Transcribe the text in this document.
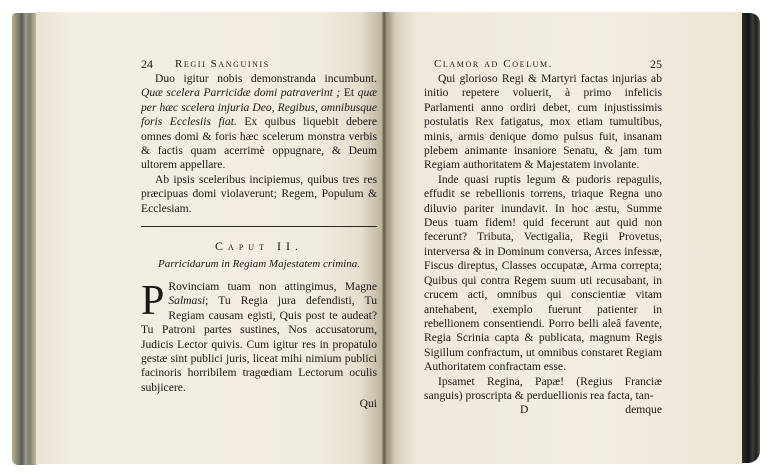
24 Regii Sanguinis

Duo igitur nobis demonstranda incumbunt. Quæ scelera Parricidæ domi patraverint ; Et quæ per hæc scelera injuria Deo, Regibus, omnibusque foris Ecclesiis fiat. Ex quibus liquebit debere omnes domi & foris hæc scelerum monstra verbis & factis quam acerrimè oppugnare, & Deum ultorem appellare.

Ab ipsis sceleribus incipiemus, quibus tres res præcipuas domi violaverunt; Regem, Populum & Ecclesiam.

Caput II.
Parricidarum in Regiam Majestatem crimina.

P Rovinciam tuam non attingimus, Magne Salmasi; Tu Regia jura defendisti, Tu Regiam causam egisti, Quis post te audeat? Tu Patroni partes sustines, Nos accusatorum, Judicis Lector quivis. Cum igitur res in propatulo gestæ sint publici juris, liceat mihi nimium publici facinoris horribilem tragœdiam Lectorum oculis subjicere.

Qui
Clamor ad Coelum.	25

Qui glorioso Regi & Martyri factas injurias ab initio repetere voluerit, à primo infelicis Parlamenti anno ordiri debet, cum injustissimis postulatis Rex fatigatus, mox etiam tumultibus, minis, armis denique domo pulsus fuit, insanam plebem animante insaniore Senatu, & jam tum Regiam authoritatem & Majestatem involante.

Inde quasi ruptis legum & pudoris repagulis, effudit se rebellionis torrens, triaque Regna uno diluvio pariter inundavit. In hoc æstu, Summe Deus tuam fidem! quid fecerunt aut quid non fecerunt? Tributa, Vectigalia, Regii Provetus, interversa & in Dominum conversa, Arces infessæ, Fiscus direptus, Classes occupatæ, Arma correpta; Quibus qui contra Regem suum uti recusabant, in crucem acti, omnibus qui conscientiæ vitam antehabent, exemplo fuerunt patienter in rebellionem consentiendi. Porro belli aleâ favente, Regia Scrinia capta & publicata, magnum Regis Sigillum confractum, ut omnibus constaret Regiam Authoritatem confractam esse.

Ipsamet Regina, Papæ! (Regius Franciæ sanguis) proscripta & perduellionis rea facta, tan-

D	demque
